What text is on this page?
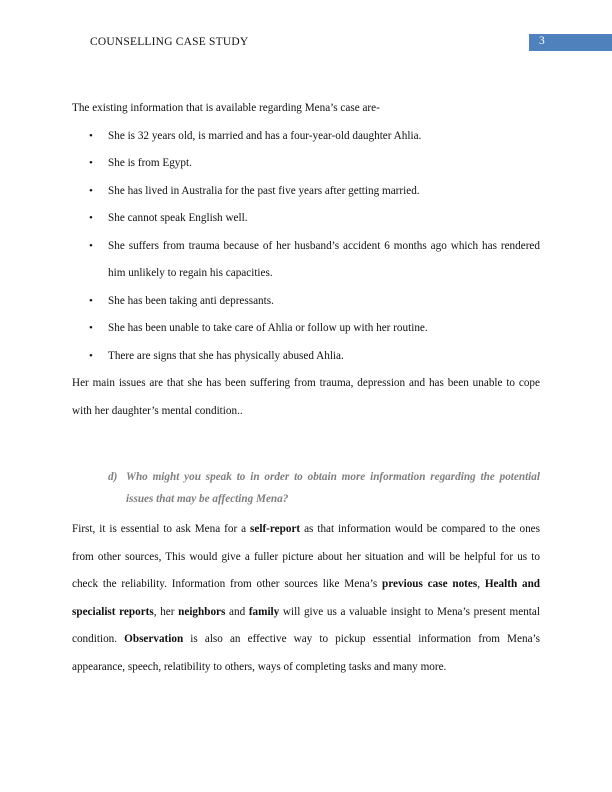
COUNSELLING CASE STUDY	3

The existing information that is available regarding Mena’s case are-

• She is 32 years old, is married and has a four-year-old daughter Ahlia.
• She is from Egypt.
• She has lived in Australia for the past five years after getting married.
• She cannot speak English well.
• She suffers from trauma because of her husband’s accident 6 months ago which has rendered him unlikely to regain his capacities.
• She has been taking anti depressants.
• She has been unable to take care of Ahlia or follow up with her routine.
• There are signs that she has physically abused Ahlia.

Her main issues are that she has been suffering from trauma, depression and has been unable to cope with her daughter’s mental condition..

d) Who might you speak to in order to obtain more information regarding the potential issues that may be affecting Mena?

First, it is essential to ask Mena for a self-report as that information would be compared to the ones from other sources, This would give a fuller picture about her situation and will be helpful for us to check the reliability. Information from other sources like Mena’s previous case notes, Health and specialist reports, her neighbors and family will give us a valuable insight to Mena’s present mental condition. Observation is also an effective way to pickup essential information from Mena’s appearance, speech, relatibility to others, ways of completing tasks and many more.
